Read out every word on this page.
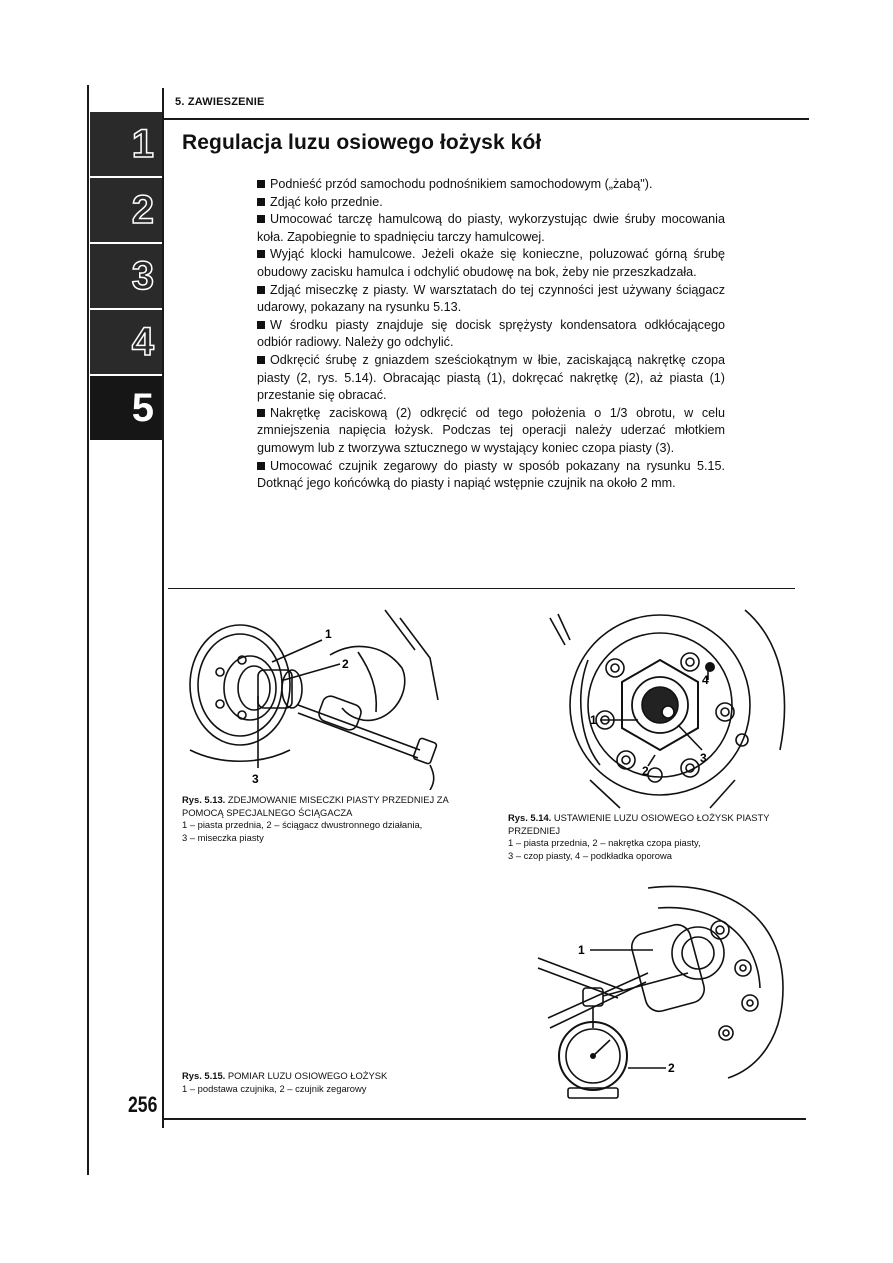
1
2
3
4
5
5. ZAWIESZENIE
Regulacja luzu osiowego łożysk kół

Podnieść przód samochodu podnośnikiem samochodowym („żabą").

Zdjąć koło przednie.

Umocować tarczę hamulcową do piasty, wykorzystując dwie śruby mocowania koła. Zapobiegnie to spadnięciu tarczy hamulcowej.

Wyjąć klocki hamulcowe. Jeżeli okaże się konieczne, poluzować górną śrubę obudowy zacisku hamulca i odchylić obudowę na bok, żeby nie przeszkadzała.

Zdjąć miseczkę z piasty. W warsztatach do tej czynności jest używany ściągacz udarowy, pokazany na rysunku 5.13.

W środku piasty znajduje się docisk sprężysty kondensatora odkłócającego odbiór radiowy. Należy go odchylić.

Odkręcić śrubę z gniazdem sześciokątnym w łbie, zaciskającą nakrętkę czopa piasty (2, rys. 5.14). Obracając piastą (1), dokręcać nakrętkę (2), aż piasta (1) przestanie się obracać.

Nakrętkę zaciskową (2) odkręcić od tego położenia o 1/3 obrotu, w celu zmniejszenia napięcia łożysk. Podczas tej operacji należy uderzać młotkiem gumowym lub z tworzywa sztucznego w wystający koniec czopa piasty (3).

Umocować czujnik zegarowy do piasty w sposób pokazany na rysunku 5.15. Dotknąć jego końcówką do piasty i napiąć wstępnie czujnik na około 2 mm.

1
2
3
Rys. 5.13. ZDEJMOWANIE MISECZKI PIASTY PRZEDNIEJ ZA POMOCĄ SPECJALNEGO ŚCIĄGACZA
1 – piasta przednia, 2 – ściągacz dwustronnego działania,
3 – miseczka piasty
1
2
3
4
Rys. 5.14. USTAWIENIE LUZU OSIOWEGO ŁOŻYSK PIASTY PRZEDNIEJ
1 – piasta przednia, 2 – nakrętka czopa piasty,
3 – czop piasty, 4 – podkładka oporowa
1
2
Rys. 5.15. POMIAR LUZU OSIOWEGO ŁOŻYSK
1 – podstawa czujnika, 2 – czujnik zegarowy
256
